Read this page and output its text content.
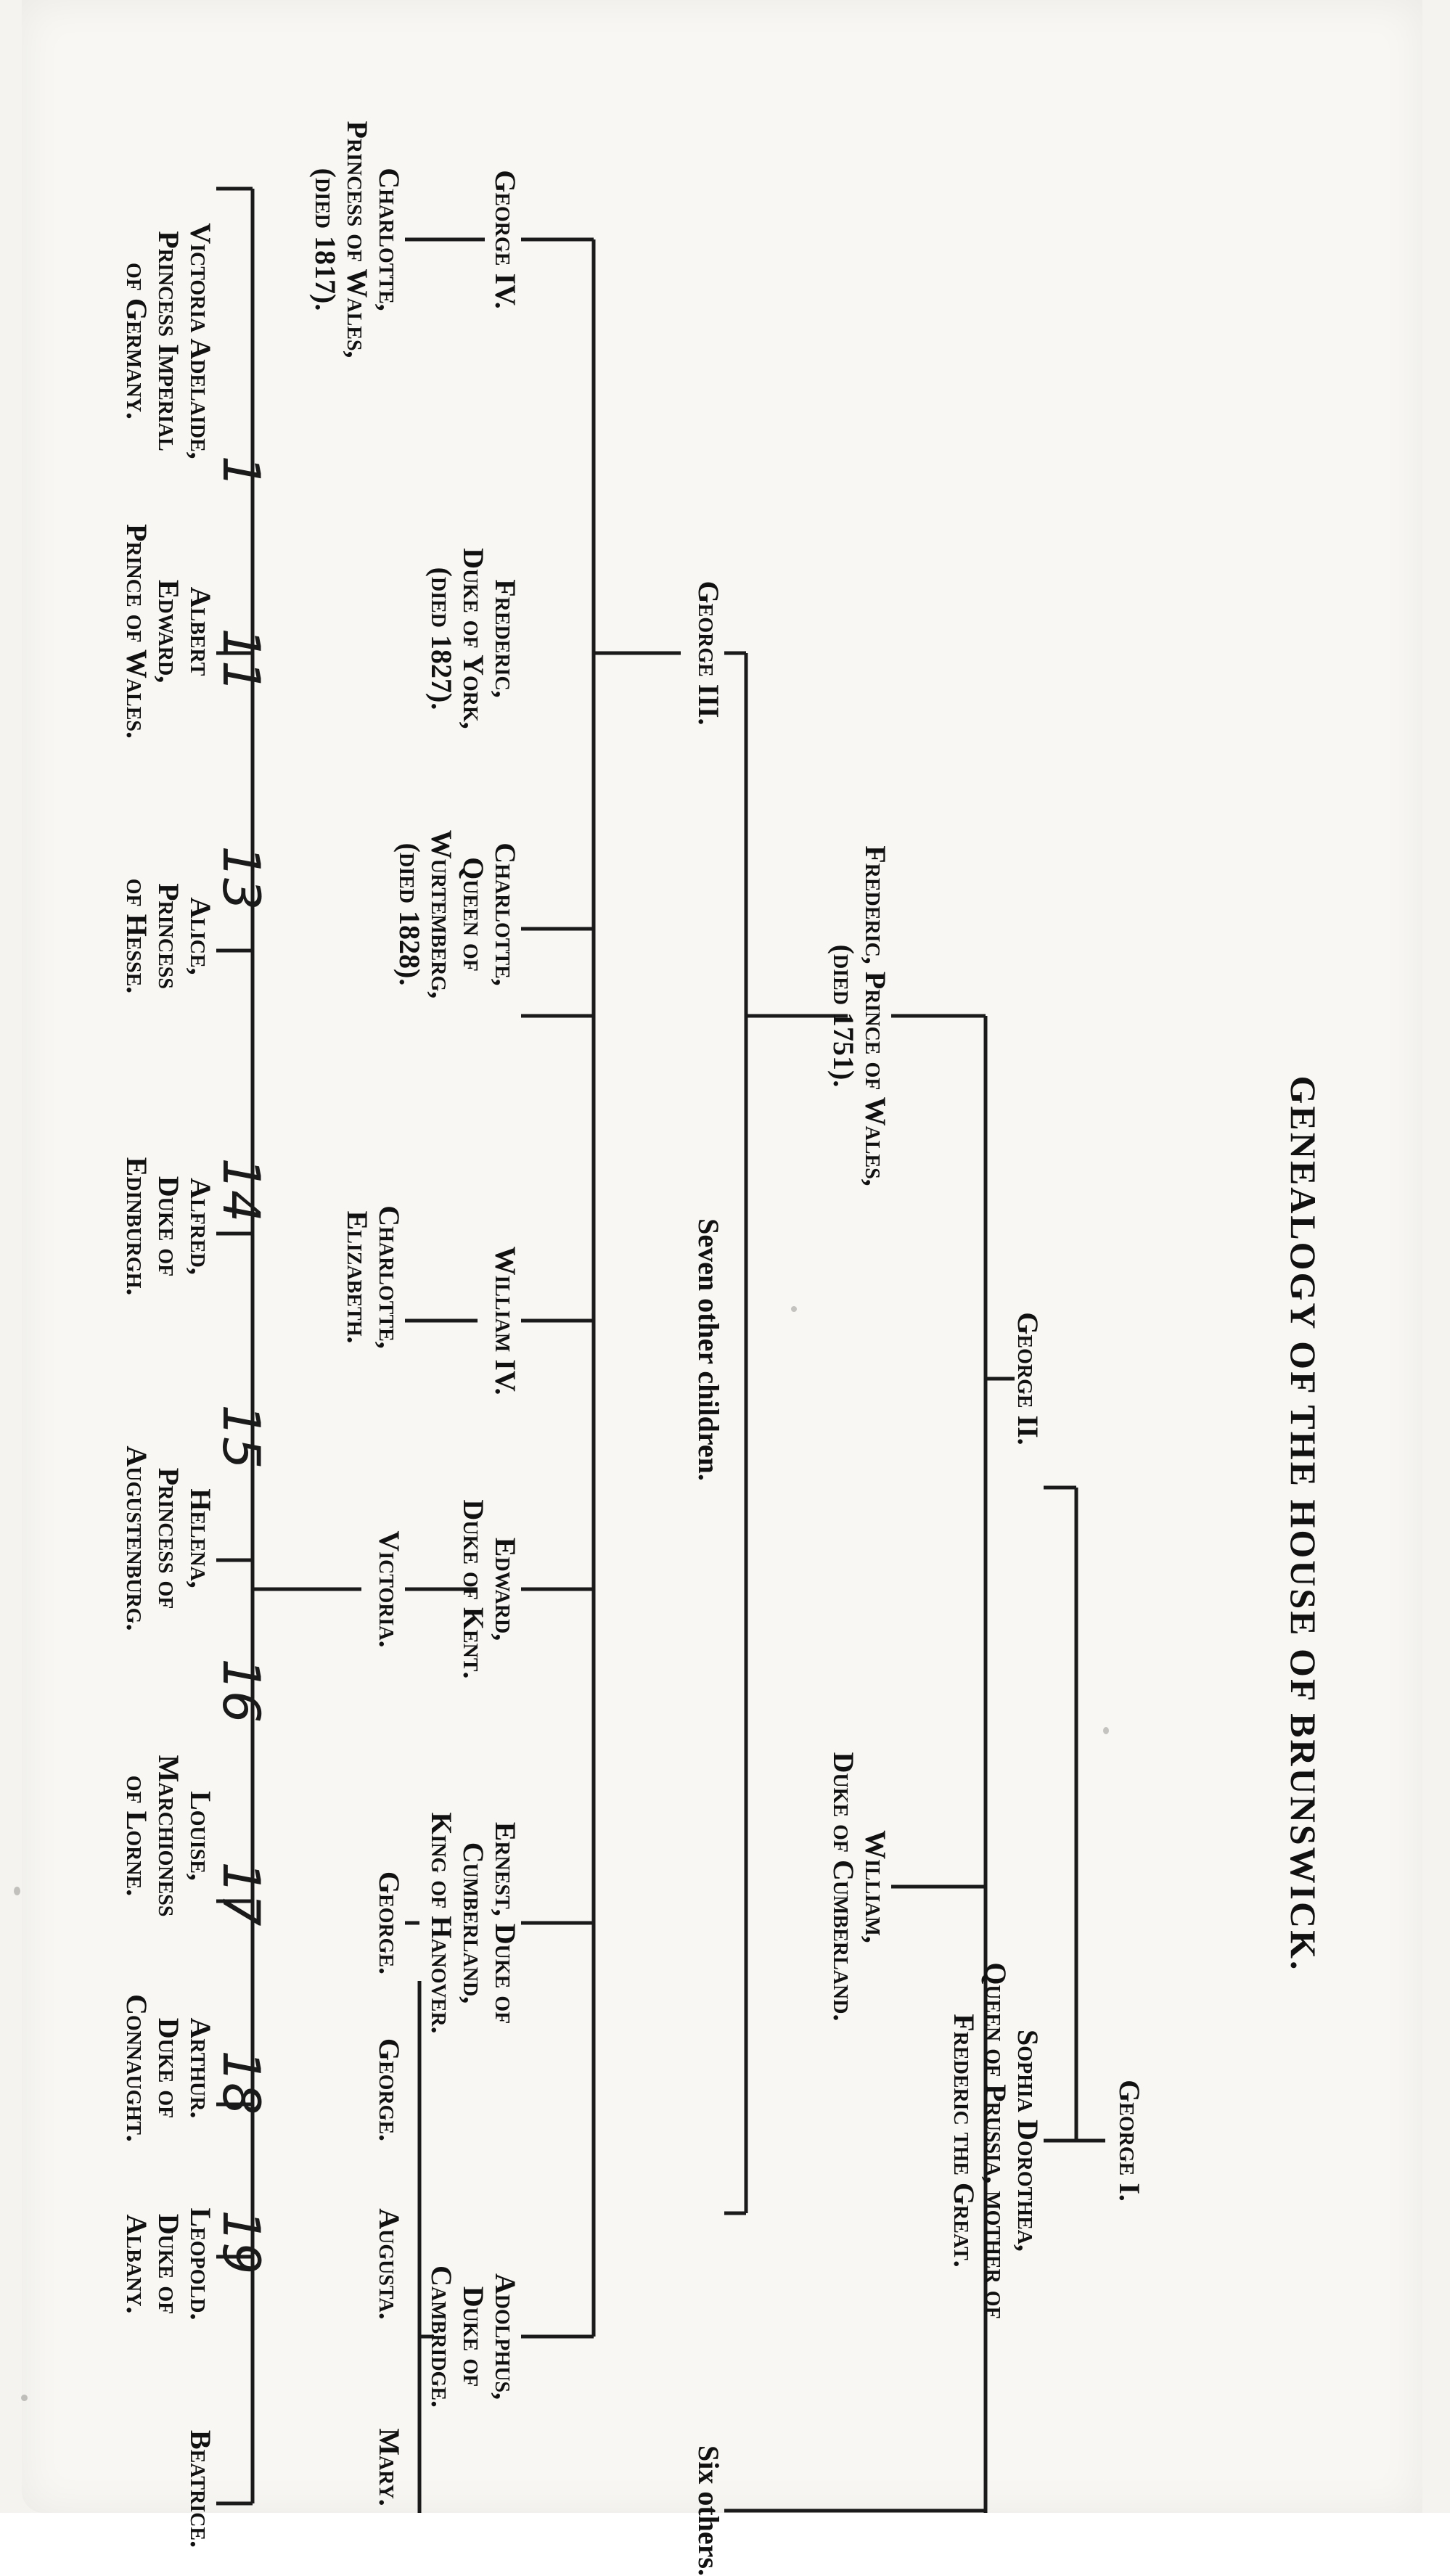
GENEALOGY OF THE HOUSE OF BRUNSWICK.
George I.
George II.
Sophia Dorothea,
Queen of Prussia, mother of
Frederic the Great.
Frederic, Prince of Wales,
(died 1751).
William,
Duke of Cumberland.
Six others.
George III.
Seven other children.
George IV.
Frederic,
Duke of York,
(died 1827).
Charlotte,
Queen of
Wurtemberg,
(died 1828).
William IV.
Edward,
Duke of Kent.
Ernest, Duke of
Cumberland,
King of Hanover.
Adolphus,
Duke of
Cambridge.
Charlotte,
Princess of Wales,
(died 1817).
Charlotte,
Elizabeth.
Victoria.
George.
George.
Augusta.
Mary.
Victoria Adelaide,
Princess Imperial
of Germany.
Albert
Edward,
Prince of Wales.
Alice,
Princess
of Hesse.
Alfred,
Duke of
Edinburgh.
Helena,
Princess of
Augustenburg.
Louise,
Marchioness
of Lorne.
Arthur.
Duke of
Connaught.
Leopold.
Duke of
Albany.
Beatrice.
1
11
13
14
15
16
17
18
19
